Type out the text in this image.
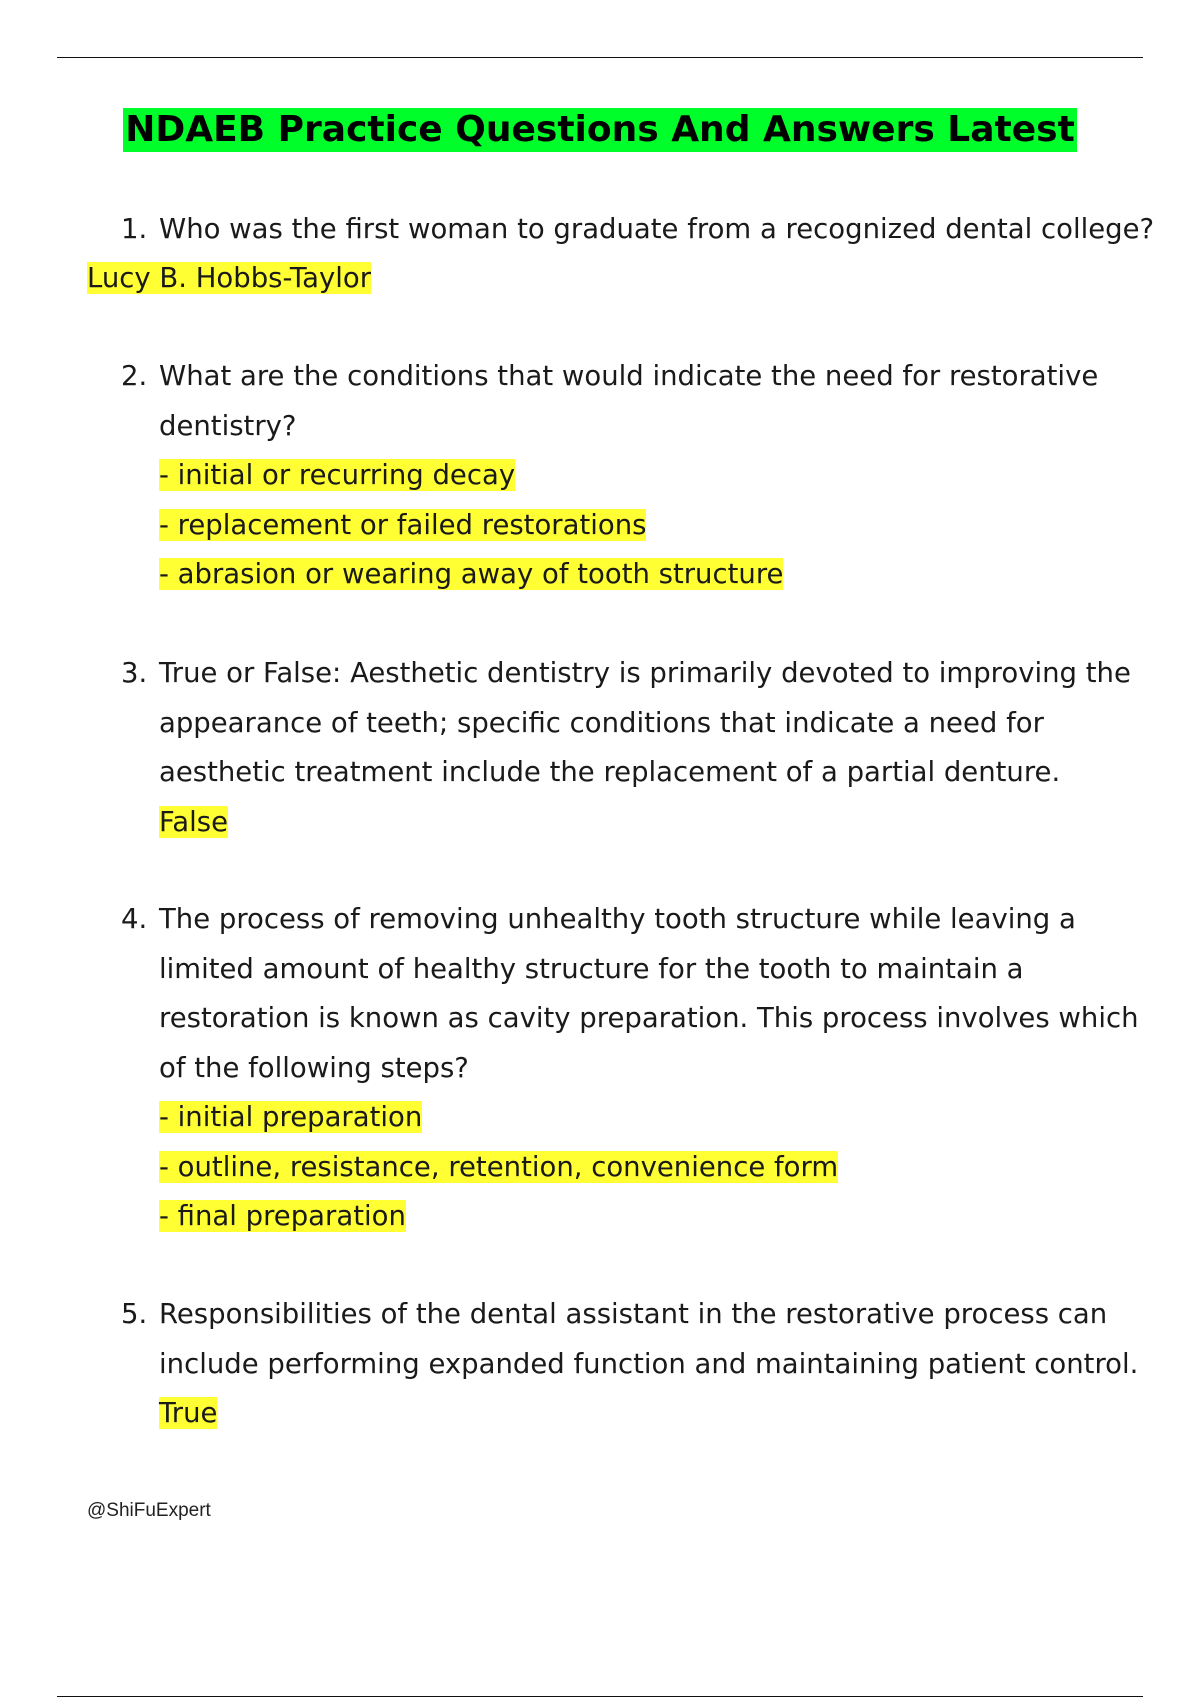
NDAEB Practice Questions And Answers Latest
1. Who was the first woman to graduate from a recognized dental college?
Lucy B. Hobbs-Taylor
2. What are the conditions that would indicate the need for restorative
dentistry?
- initial or recurring decay
- replacement or failed restorations
- abrasion or wearing away of tooth structure
3. True or False: Aesthetic dentistry is primarily devoted to improving the
appearance of teeth; specific conditions that indicate a need for
aesthetic treatment include the replacement of a partial denture.
False
4. The process of removing unhealthy tooth structure while leaving a
limited amount of healthy structure for the tooth to maintain a
restoration is known as cavity preparation. This process involves which
of the following steps?
- initial preparation
- outline, resistance, retention, convenience form
- final preparation
5. Responsibilities of the dental assistant in the restorative process can
include performing expanded function and maintaining patient control.
True
@ShiFuExpert
